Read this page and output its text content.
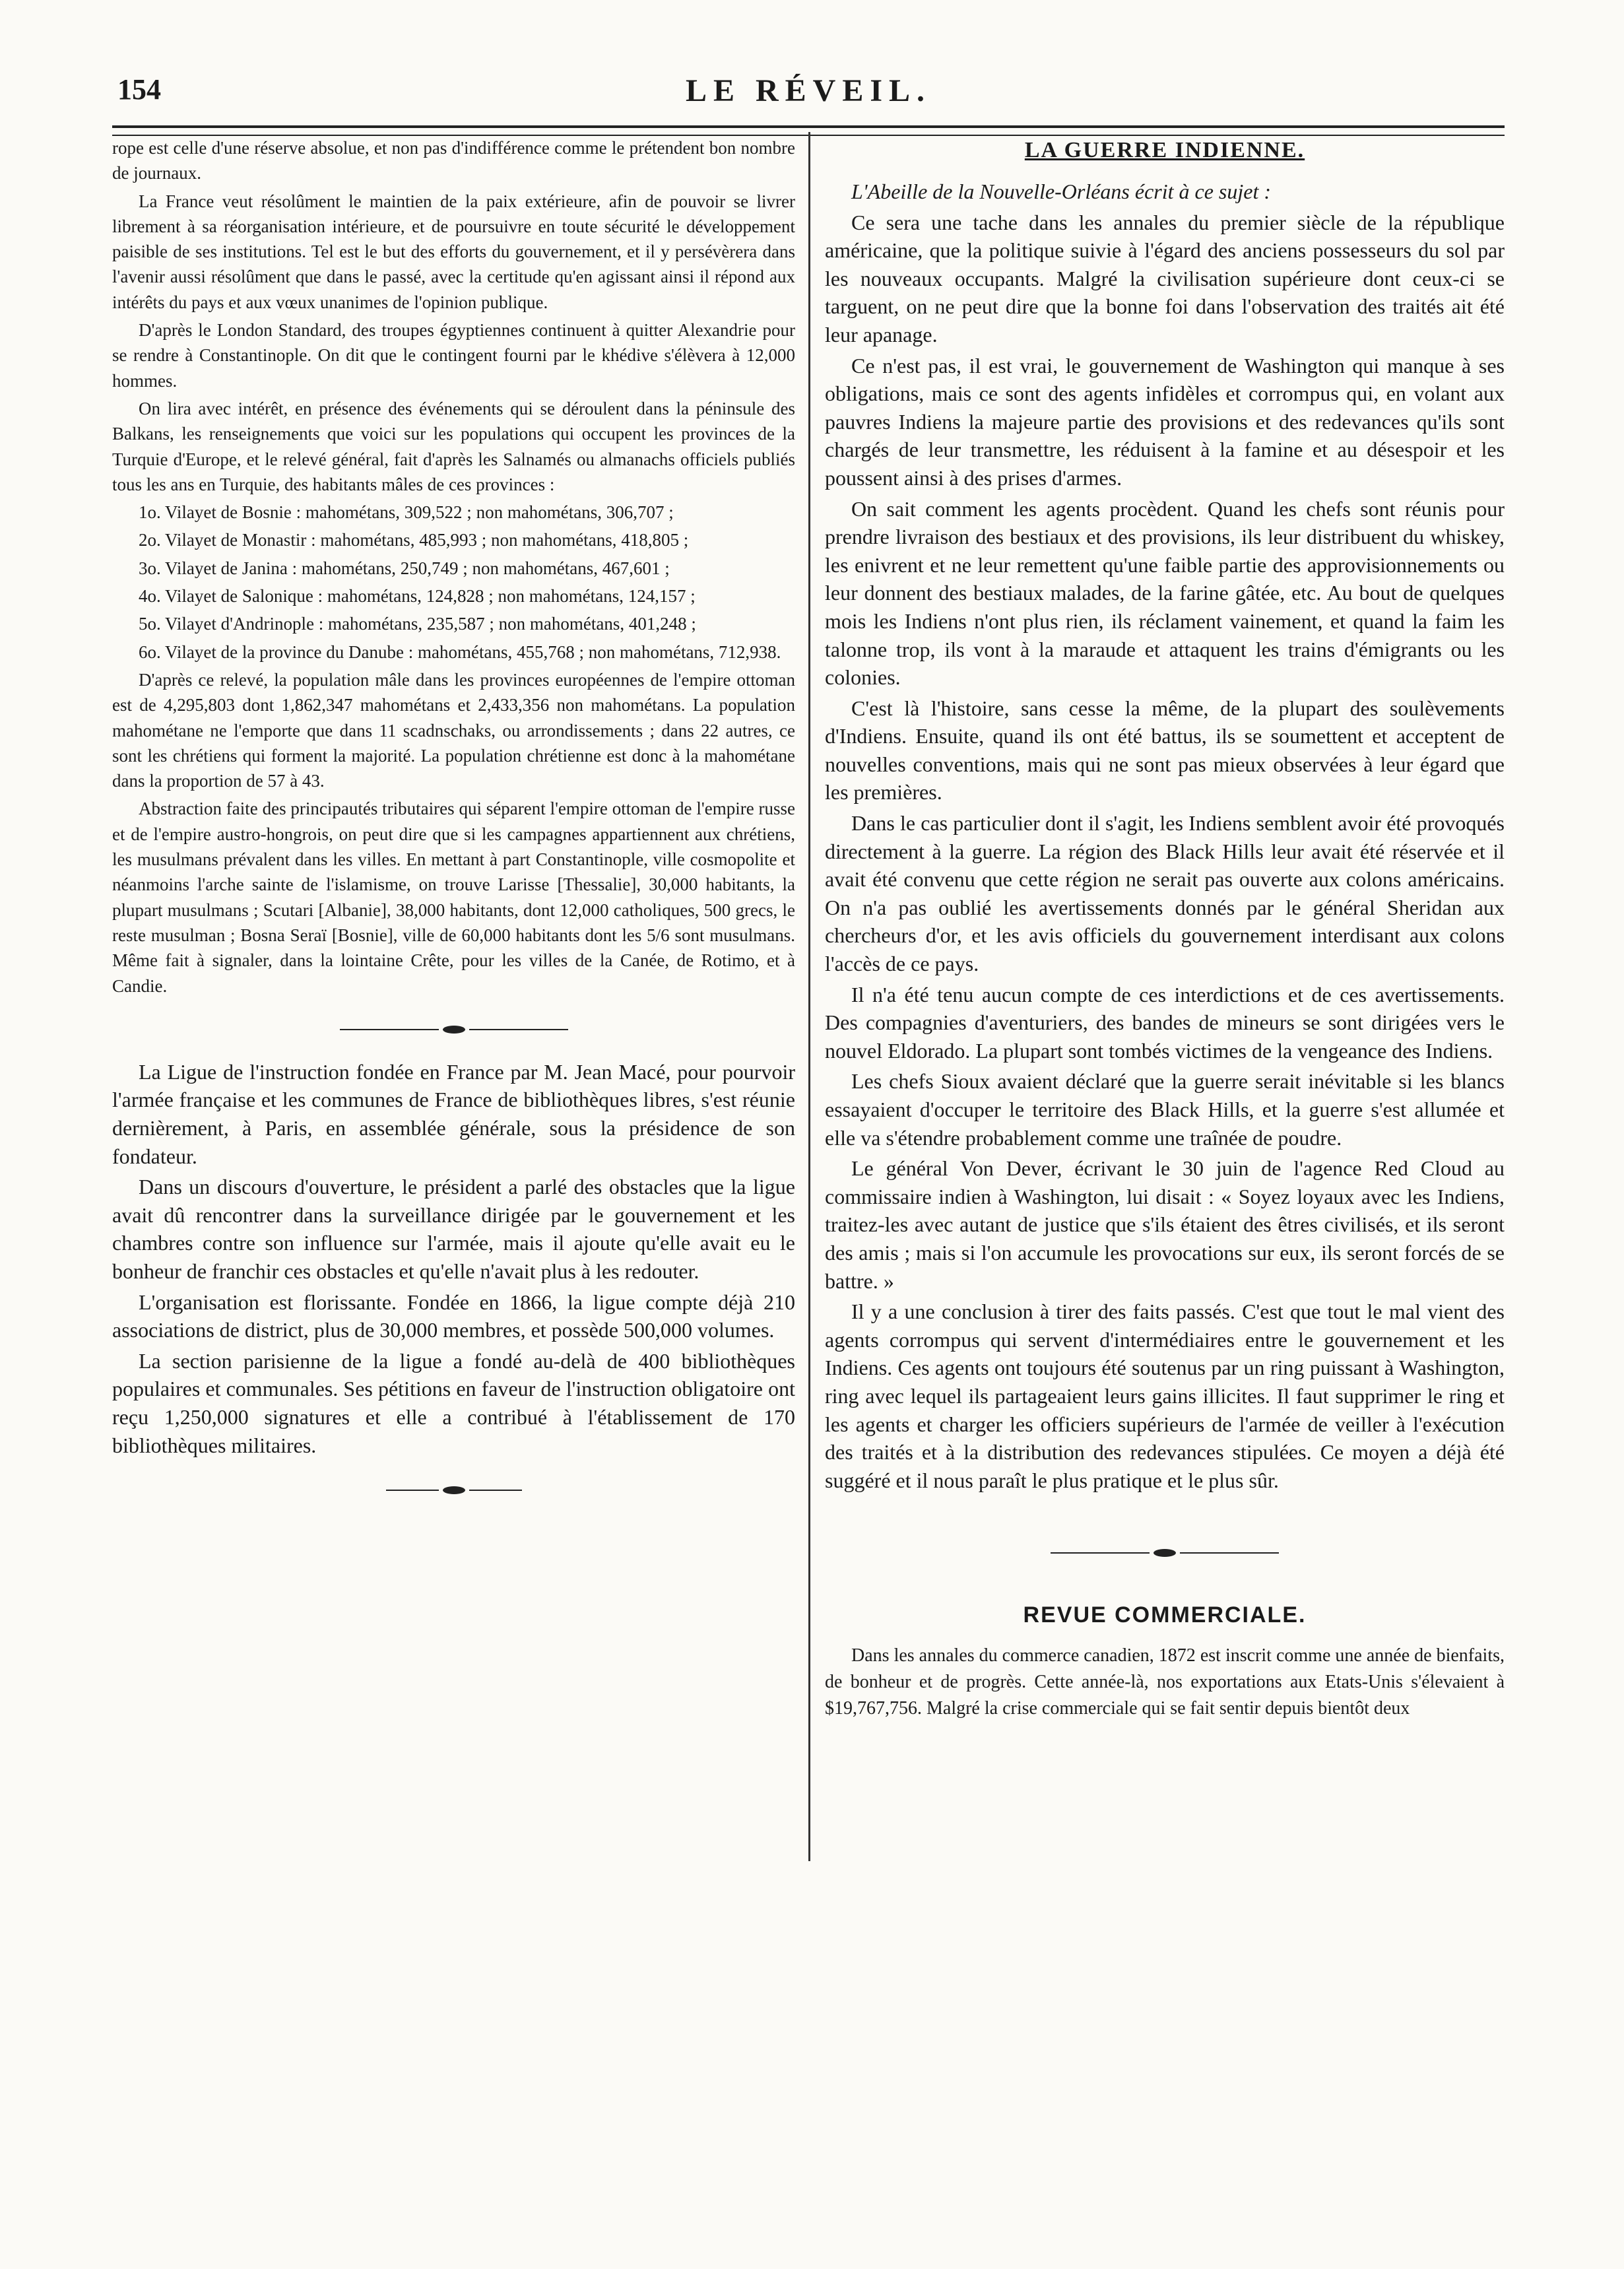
154	LE RÉVEIL.

rope est celle d'une réserve absolue, et non pas d'indifférence comme le prétendent bon nombre de journaux.

La France veut résolûment le maintien de la paix extérieure, afin de pouvoir se livrer librement à sa réorganisation intérieure, et de poursuivre en toute sécurité le développement paisible de ses institutions. Tel est le but des efforts du gouvernement, et il y persévèrera dans l'avenir aussi résolûment que dans le passé, avec la certitude qu'en agissant ainsi il répond aux intérêts du pays et aux vœux unanimes de l'opinion publique.

D'après le London Standard, des troupes égyptiennes continuent à quitter Alexandrie pour se rendre à Constantinople. On dit que le contingent fourni par le khédive s'élèvera à 12,000 hommes.

On lira avec intérêt, en présence des événements qui se déroulent dans la péninsule des Balkans, les renseignements que voici sur les populations qui occupent les provinces de la Turquie d'Europe, et le relevé général, fait d'après les Salnamés ou almanachs officiels publiés tous les ans en Turquie, des habitants mâles de ces provinces :

1o. Vilayet de Bosnie : mahométans, 309,522 ; non mahométans, 306,707 ;

2o. Vilayet de Monastir : mahométans, 485,993 ; non mahométans, 418,805 ;

3o. Vilayet de Janina : mahométans, 250,749 ; non mahométans, 467,601 ;

4o. Vilayet de Salonique : mahométans, 124,828 ; non mahométans, 124,157 ;

5o. Vilayet d'Andrinople : mahométans, 235,587 ; non mahométans, 401,248 ;

6o. Vilayet de la province du Danube : mahométans, 455,768 ; non mahométans, 712,938.

D'après ce relevé, la population mâle dans les provinces européennes de l'empire ottoman est de 4,295,803 dont 1,862,347 mahométans et 2,433,356 non mahométans. La population mahométane ne l'emporte que dans 11 scadnschaks, ou arrondissements ; dans 22 autres, ce sont les chrétiens qui forment la majorité. La population chrétienne est donc à la mahométane dans la proportion de 57 à 43.

Abstraction faite des principautés tributaires qui séparent l'empire ottoman de l'empire russe et de l'empire austro-hongrois, on peut dire que si les campagnes appartiennent aux chrétiens, les musulmans prévalent dans les villes. En mettant à part Constantinople, ville cosmopolite et néanmoins l'arche sainte de l'islamisme, on trouve Larisse [Thessalie], 30,000 habitants, la plupart musulmans ; Scutari [Albanie], 38,000 habitants, dont 12,000 catholiques, 500 grecs, le reste musulman ; Bosna Seraï [Bosnie], ville de 60,000 habitants dont les 5/6 sont musulmans. Même fait à signaler, dans la lointaine Crête, pour les villes de la Canée, de Rotimo, et à Candie.

La Ligue de l'instruction fondée en France par M. Jean Macé, pour pourvoir l'armée française et les communes de France de bibliothèques libres, s'est réunie dernièrement, à Paris, en assemblée générale, sous la présidence de son fondateur.

Dans un discours d'ouverture, le président a parlé des obstacles que la ligue avait dû rencontrer dans la surveillance dirigée par le gouvernement et les chambres contre son influence sur l'armée, mais il ajoute qu'elle avait eu le bonheur de franchir ces obstacles et qu'elle n'avait plus à les redouter.

L'organisation est florissante. Fondée en 1866, la ligue compte déjà 210 associations de district, plus de 30,000 membres, et possède 500,000 volumes.

La section parisienne de la ligue a fondé au-delà de 400 bibliothèques populaires et communales. Ses pétitions en faveur de l'instruction obligatoire ont reçu 1,250,000 signatures et elle a contribué à l'établissement de 170 bibliothèques militaires.

LA GUERRE INDIENNE.

L'Abeille de la Nouvelle-Orléans écrit à ce sujet :

Ce sera une tache dans les annales du premier siècle de la république américaine, que la politique suivie à l'égard des anciens possesseurs du sol par les nouveaux occupants. Malgré la civilisation supérieure dont ceux-ci se targuent, on ne peut dire que la bonne foi dans l'observation des traités ait été leur apanage.

Ce n'est pas, il est vrai, le gouvernement de Washington qui manque à ses obligations, mais ce sont des agents infidèles et corrompus qui, en volant aux pauvres Indiens la majeure partie des provisions et des redevances qu'ils sont chargés de leur transmettre, les réduisent à la famine et au désespoir et les poussent ainsi à des prises d'armes.

On sait comment les agents procèdent. Quand les chefs sont réunis pour prendre livraison des bestiaux et des provisions, ils leur distribuent du whiskey, les enivrent et ne leur remettent qu'une faible partie des approvisionnements ou leur donnent des bestiaux malades, de la farine gâtée, etc. Au bout de quelques mois les Indiens n'ont plus rien, ils réclament vainement, et quand la faim les talonne trop, ils vont à la maraude et attaquent les trains d'émigrants ou les colonies.

C'est là l'histoire, sans cesse la même, de la plupart des soulèvements d'Indiens. Ensuite, quand ils ont été battus, ils se soumettent et acceptent de nouvelles conventions, mais qui ne sont pas mieux observées à leur égard que les premières.

Dans le cas particulier dont il s'agit, les Indiens semblent avoir été provoqués directement à la guerre. La région des Black Hills leur avait été réservée et il avait été convenu que cette région ne serait pas ouverte aux colons américains. On n'a pas oublié les avertissements donnés par le général Sheridan aux chercheurs d'or, et les avis officiels du gouvernement interdisant aux colons l'accès de ce pays.

Il n'a été tenu aucun compte de ces interdictions et de ces avertissements. Des compagnies d'aventuriers, des bandes de mineurs se sont dirigées vers le nouvel Eldorado. La plupart sont tombés victimes de la vengeance des Indiens.

Les chefs Sioux avaient déclaré que la guerre serait inévitable si les blancs essayaient d'occuper le territoire des Black Hills, et la guerre s'est allumée et elle va s'étendre probablement comme une traînée de poudre.

Le général Von Dever, écrivant le 30 juin de l'agence Red Cloud au commissaire indien à Washington, lui disait : « Soyez loyaux avec les Indiens, traitez-les avec autant de justice que s'ils étaient des êtres civilisés, et ils seront des amis ; mais si l'on accumule les provocations sur eux, ils seront forcés de se battre. »

Il y a une conclusion à tirer des faits passés. C'est que tout le mal vient des agents corrompus qui servent d'intermédiaires entre le gouvernement et les Indiens. Ces agents ont toujours été soutenus par un ring puissant à Washington, ring avec lequel ils partageaient leurs gains illicites. Il faut supprimer le ring et les agents et charger les officiers supérieurs de l'armée de veiller à l'exécution des traités et à la distribution des redevances stipulées. Ce moyen a déjà été suggéré et il nous paraît le plus pratique et le plus sûr.

REVUE COMMERCIALE.

Dans les annales du commerce canadien, 1872 est inscrit comme une année de bienfaits, de bonheur et de progrès. Cette année-là, nos exportations aux Etats-Unis s'élevaient à $19,767,756. Malgré la crise commerciale qui se fait sentir depuis bientôt deux
